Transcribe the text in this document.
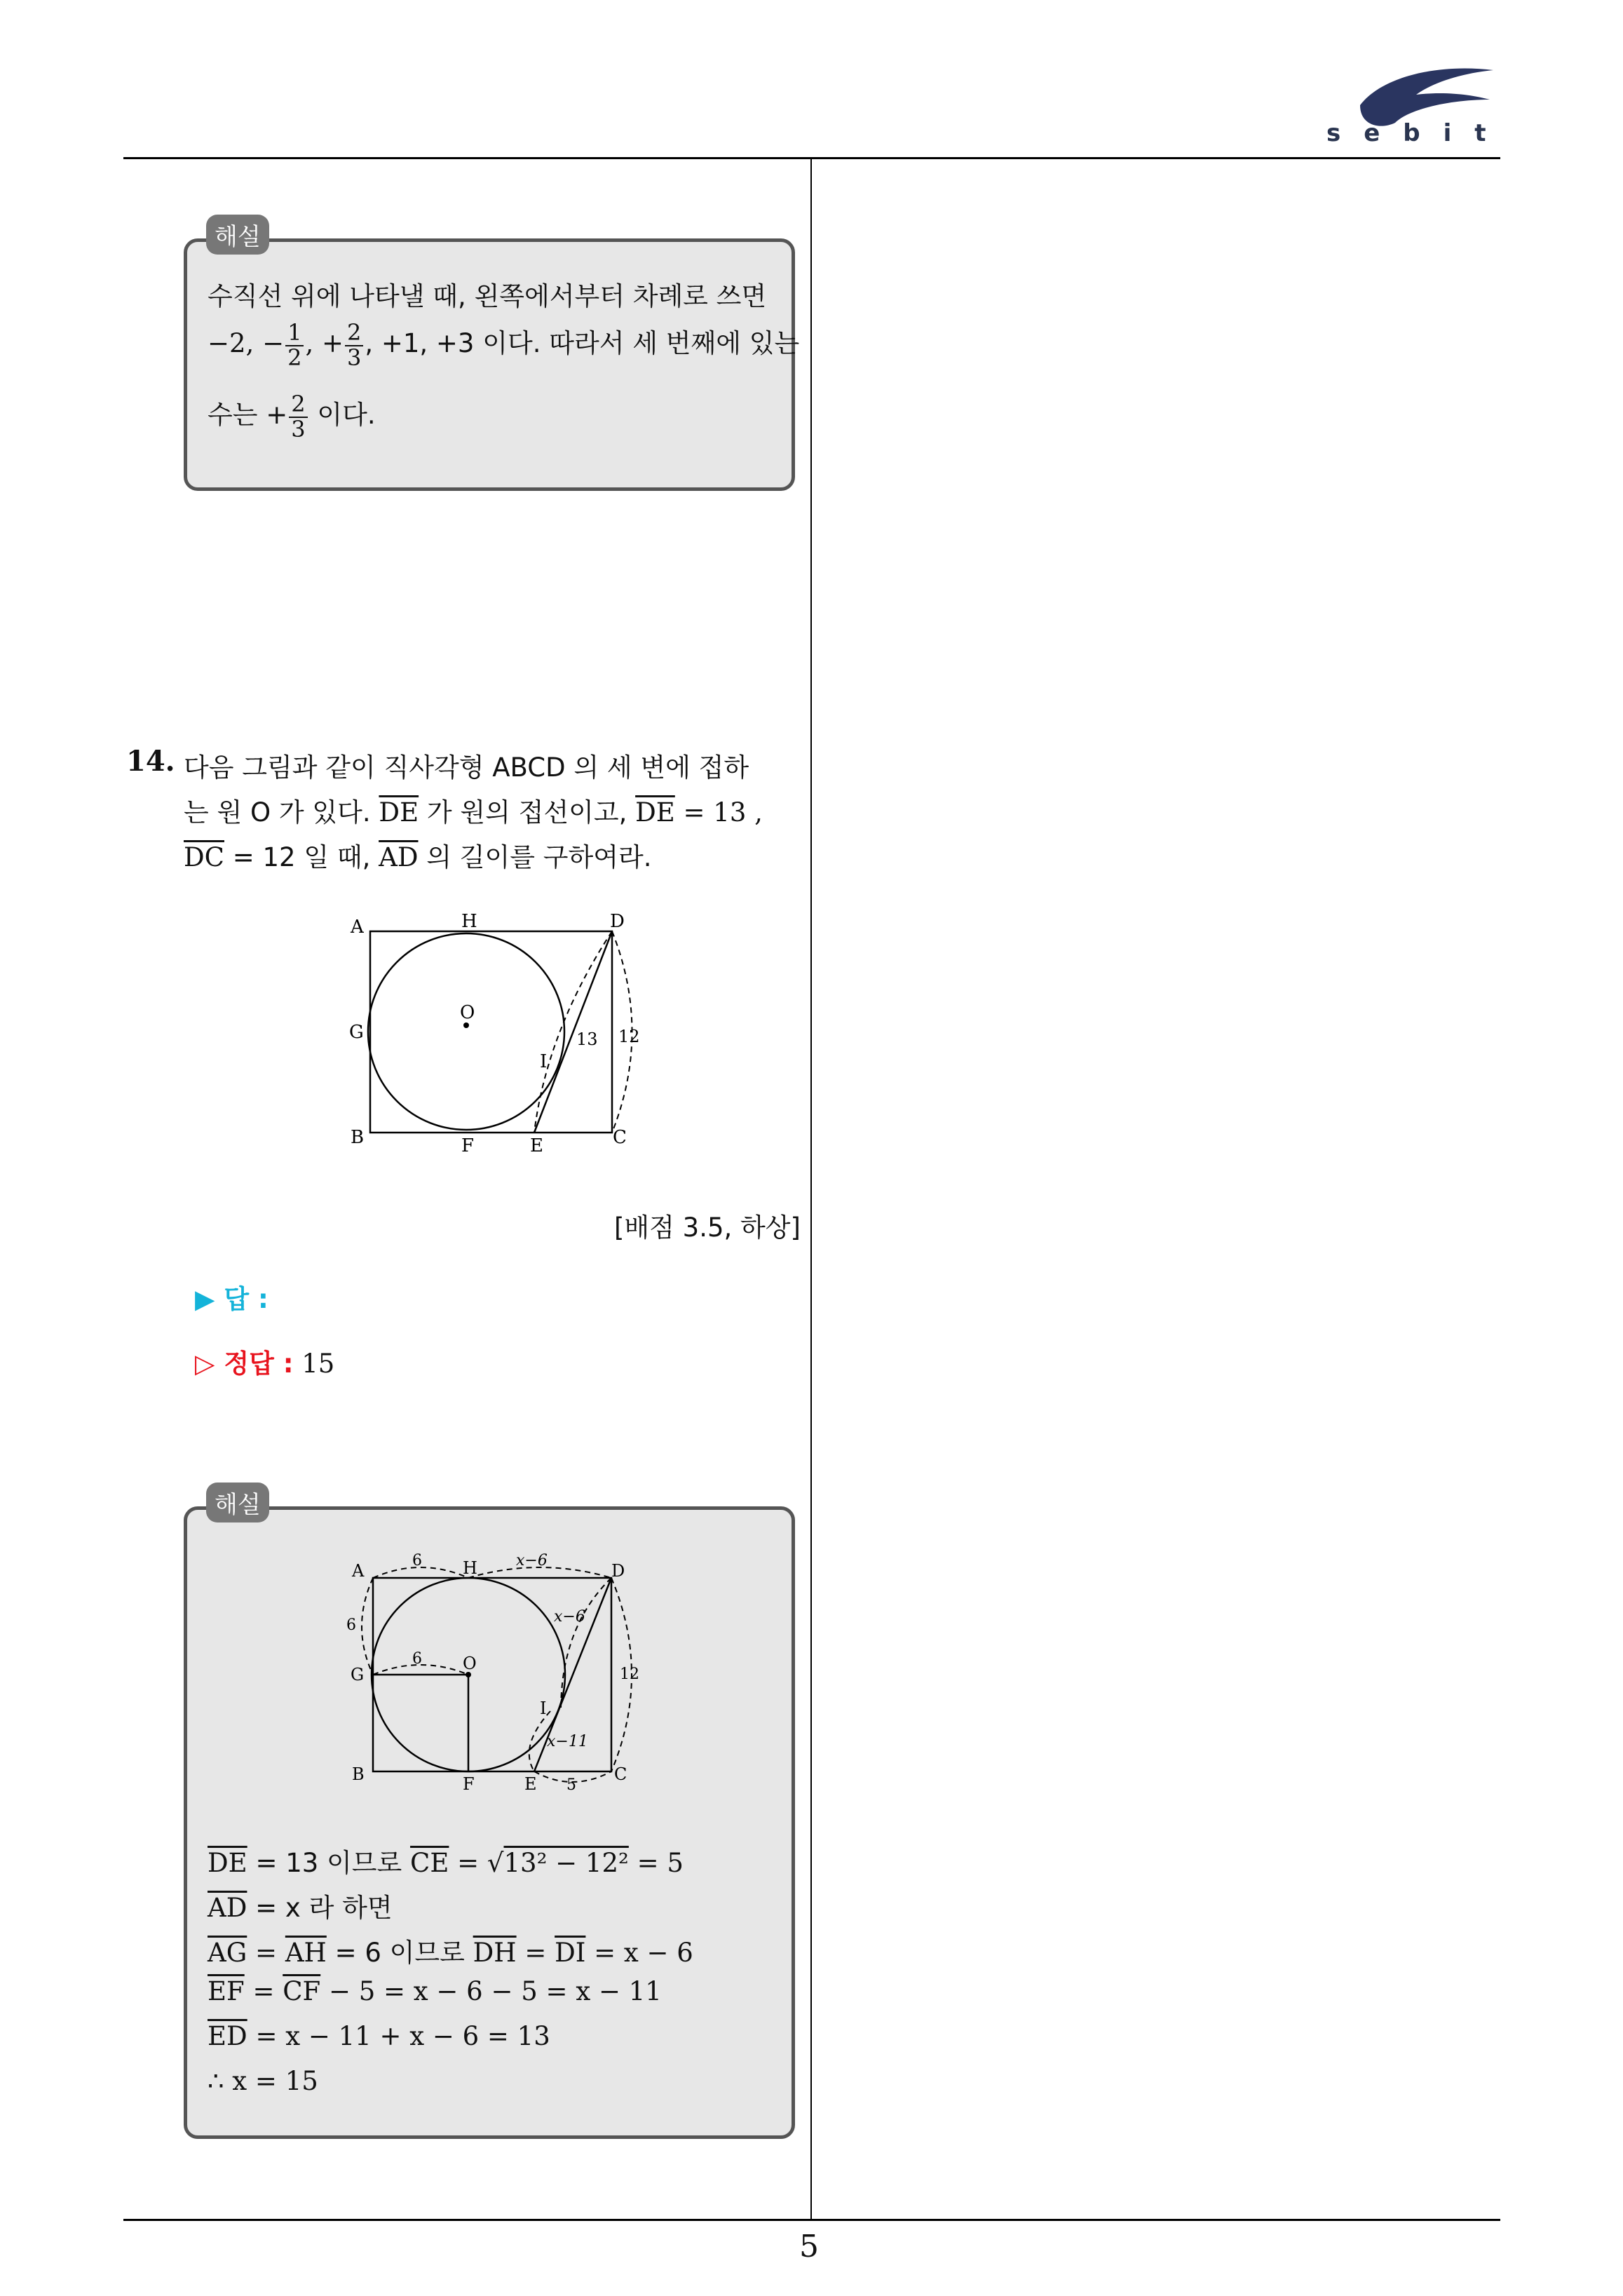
sebit
5
해설
수직선 위에 나타낼 때, 왼쪽에서부터 차례로 쓰면
−2, − $\frac{1}{2}$ , + $\frac{2}{3}$ , +1, +3 이다. 따라서 세 번째에 있는
수는 + $\frac{2}{3}$ 이다.
14. 다음 그림과 같이 직사각형 ABCD 의 세 변에 접하
는 원 O 가 있다. $\overline{DE}$ 가 원의 접선이고, $\overline{DE} = 13$ ,
$\overline{DC} = 12$ 일 때, $\overline{AD}$ 의 길이를 구하여라.
A	H	D
G
O
I
B	F	E	C
13 12
[배점 3.5, 하상]
▶ 답 :
▷ 정답 : 15
해설
A	H	D
G
O
I
B	F	E	C
6	x−6
6
6
x−6
12
x−11
5
$\overline{DE} = 13$ 이므로 $\overline{CE} = √13^2 - 12^2 = 5$
$\overline{AD} = x$ 라 하면
$\overline{AG} = \overline{AH} = 6$ 이므로 $\overline{DH} = \overline{DI} = x - 6$
$\overline{EF} = \overline{CF} - 5 = x - 6 - 5 = x - 11$
$\overline{ED} = x - 11 + x - 6 = 13$
∴ x = 15
